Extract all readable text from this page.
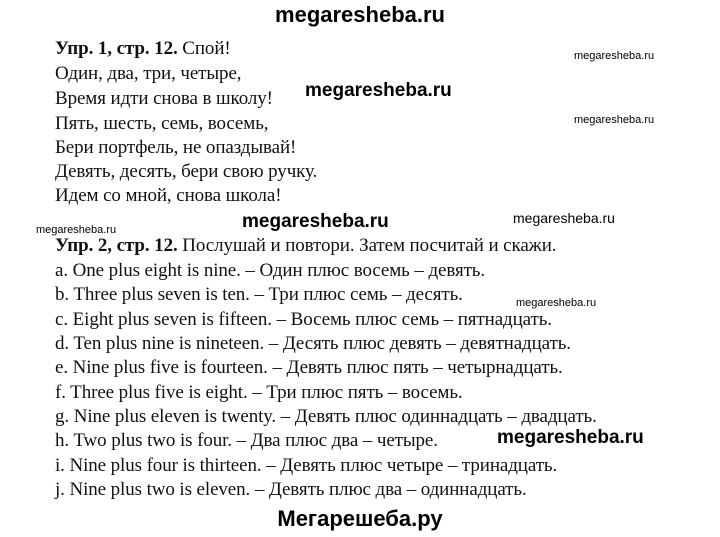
megaresheba.ru
Упр. 1, стр. 12. Спой!
Один, два, три, четыре,
Время идти снова в школу!
Пять, шесть, семь, восемь,
Бери портфель, не опаздывай!
Девять, десять, бери свою ручку.
Идем со мной, снова школа!
Упр. 2, стр. 12. Послушай и повтори. Затем посчитай и скажи.
a. One plus eight is nine. – Один плюс восемь – девять.
b. Three plus seven is ten. – Три плюс семь – десять.
c. Eight plus seven is fifteen. – Восемь плюс семь – пятнадцать.
d. Ten plus nine is nineteen. – Десять плюс девять – девятнадцать.
e. Nine plus five is fourteen. – Девять плюс пять – четырнадцать.
f. Three plus five is eight. – Три плюс пять – восемь.
g. Nine plus eleven is twenty. – Девять плюс одиннадцать – двадцать.
h. Two plus two is four. – Два плюс два – четыре.
i. Nine plus four is thirteen. – Девять плюс четыре – тринадцать.
j. Nine plus two is eleven. – Девять плюс два – одиннадцать.
megaresheba.ru
megaresheba.ru
megaresheba.ru
megaresheba.ru	megaresheba.ru	megaresheba.ru
megaresheba.ru
megaresheba.ru
Мегарешеба.ру
